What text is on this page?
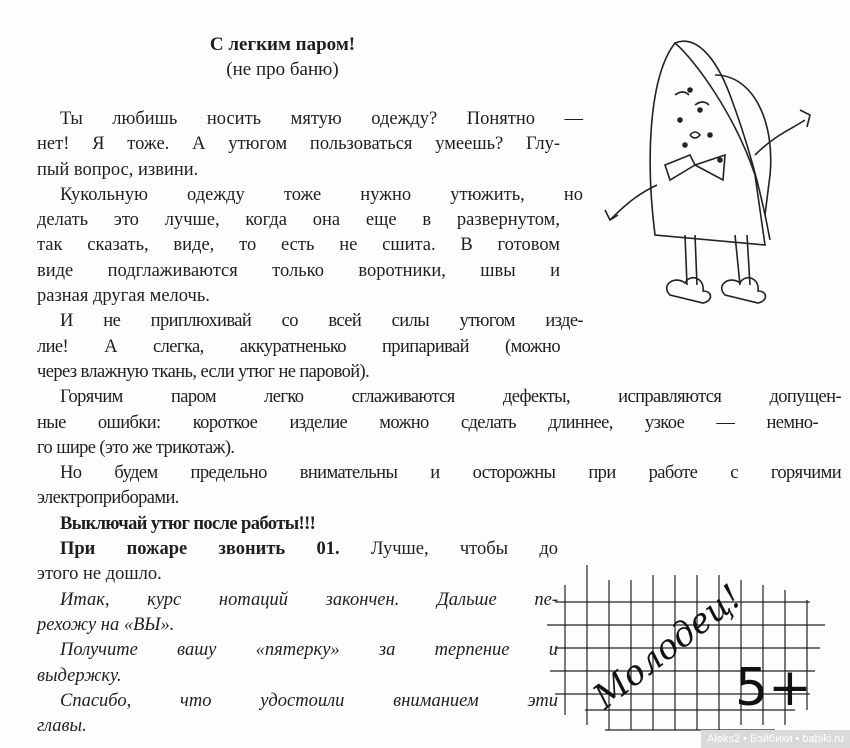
С легким паром!
(не про баню)
Ты любишь носить мятую одежду? Понятно —
нет! Я тоже. А утюгом пользоваться умеешь? Глу-
пый вопрос, извини.
Кукольную одежду тоже нужно утюжить, но
делать это лучше, когда она еще в развернутом,
так сказать, виде, то есть не сшита. В готовом
виде подглаживаются только воротники, швы и
разная другая мелочь.
И не приплюхивай со всей силы утюгом изде-
лие! А слегка, аккуратненько припаривай (можно
через влажную ткань, если утюг не паровой).
Горячим паром легко сглаживаются дефекты, исправляются допущен-
ные ошибки: короткое изделие можно сделать длиннее, узкое — немно-
го шире (это же трикотаж).
Но будем предельно внимательны и осторожны при работе с горячими
электроприборами.
Выключай утюг после работы!!!
При пожаре звонить 01. Лучше, чтобы до
этого не дошло.
Итак, курс нотаций закончен. Дальше пе-
рехожу на «ВЫ».
Получите вашу «пятерку» за терпение и
выдержку.
Спасибо, что удостоили вниманием эти
главы.
Молодец!
5+
Aleks2 • Бэйбики • babiki.ru
